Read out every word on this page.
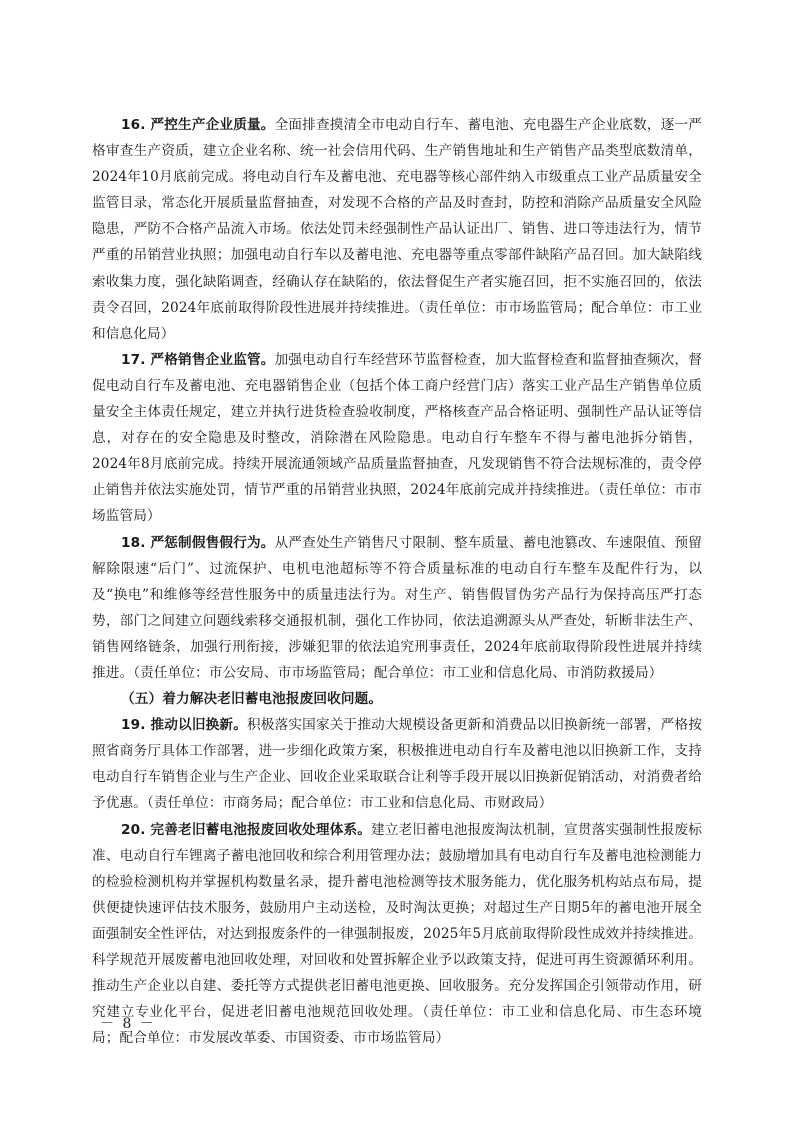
16. 严控生产企业质量。全面排查摸清全市电动自行车、蓄电池、充电器生产企业底数，逐一严格审查生产资质，建立企业名称、统一社会信用代码、生产销售地址和生产销售产品类型底数清单，2024年10月底前完成。将电动自行车及蓄电池、充电器等核心部件纳入市级重点工业产品质量安全监管目录，常态化开展质量监督抽查，对发现不合格的产品及时查封，防控和消除产品质量安全风险隐患，严防不合格产品流入市场。依法处罚未经强制性产品认证出厂、销售、进口等违法行为，情节严重的吊销营业执照；加强电动自行车以及蓄电池、充电器等重点零部件缺陷产品召回。加大缺陷线索收集力度，强化缺陷调查，经确认存在缺陷的，依法督促生产者实施召回，拒不实施召回的，依法责令召回，2024年底前取得阶段性进展并持续推进。（责任单位：市市场监管局；配合单位：市工业和信息化局）

17. 严格销售企业监管。加强电动自行车经营环节监督检查，加大监督检查和监督抽查频次，督促电动自行车及蓄电池、充电器销售企业（包括个体工商户经营门店）落实工业产品生产销售单位质量安全主体责任规定，建立并执行进货检查验收制度，严格核查产品合格证明、强制性产品认证等信息，对存在的安全隐患及时整改，消除潜在风险隐患。电动自行车整车不得与蓄电池拆分销售，2024年8月底前完成。持续开展流通领域产品质量监督抽查，凡发现销售不符合法规标准的，责令停止销售并依法实施处罚，情节严重的吊销营业执照，2024年底前完成并持续推进。（责任单位：市市场监管局）

18. 严惩制假售假行为。从严查处生产销售尺寸限制、整车质量、蓄电池篡改、车速限值、预留解除限速“后门”、过流保护、电机电池超标等不符合质量标准的电动自行车整车及配件行为，以及“换电”和维修等经营性服务中的质量违法行为。对生产、销售假冒伪劣产品行为保持高压严打态势，部门之间建立问题线索移交通报机制，强化工作协同，依法追溯源头从严查处，斩断非法生产、销售网络链条，加强行刑衔接，涉嫌犯罪的依法追究刑事责任，2024年底前取得阶段性进展并持续推进。（责任单位：市公安局、市市场监管局；配合单位：市工业和信息化局、市消防救援局）

（五）着力解决老旧蓄电池报废回收问题。

19. 推动以旧换新。积极落实国家关于推动大规模设备更新和消费品以旧换新统一部署，严格按照省商务厅具体工作部署，进一步细化政策方案，积极推进电动自行车及蓄电池以旧换新工作，支持电动自行车销售企业与生产企业、回收企业采取联合让利等手段开展以旧换新促销活动，对消费者给予优惠。（责任单位：市商务局；配合单位：市工业和信息化局、市财政局）

20. 完善老旧蓄电池报废回收处理体系。建立老旧蓄电池报废淘汰机制，宣贯落实强制性报废标准、电动自行车锂离子蓄电池回收和综合利用管理办法；鼓励增加具有电动自行车及蓄电池检测能力的检验检测机构并掌握机构数量名录，提升蓄电池检测等技术服务能力，优化服务机构站点布局，提供便捷快速评估技术服务，鼓励用户主动送检，及时淘汰更换；对超过生产日期5年的蓄电池开展全面强制安全性评估，对达到报废条件的一律强制报废，2025年5月底前取得阶段性成效并持续推进。科学规范开展废蓄电池回收处理，对回收和处置拆解企业予以政策支持，促进可再生资源循环利用。推动生产企业以自建、委托等方式提供老旧蓄电池更换、回收服务。充分发挥国企引领带动作用，研究建立专业化平台，促进老旧蓄电池规范回收处理。（责任单位：市工业和信息化局、市生态环境局；配合单位：市发展改革委、市国资委、市市场监管局）

－ 8 －
